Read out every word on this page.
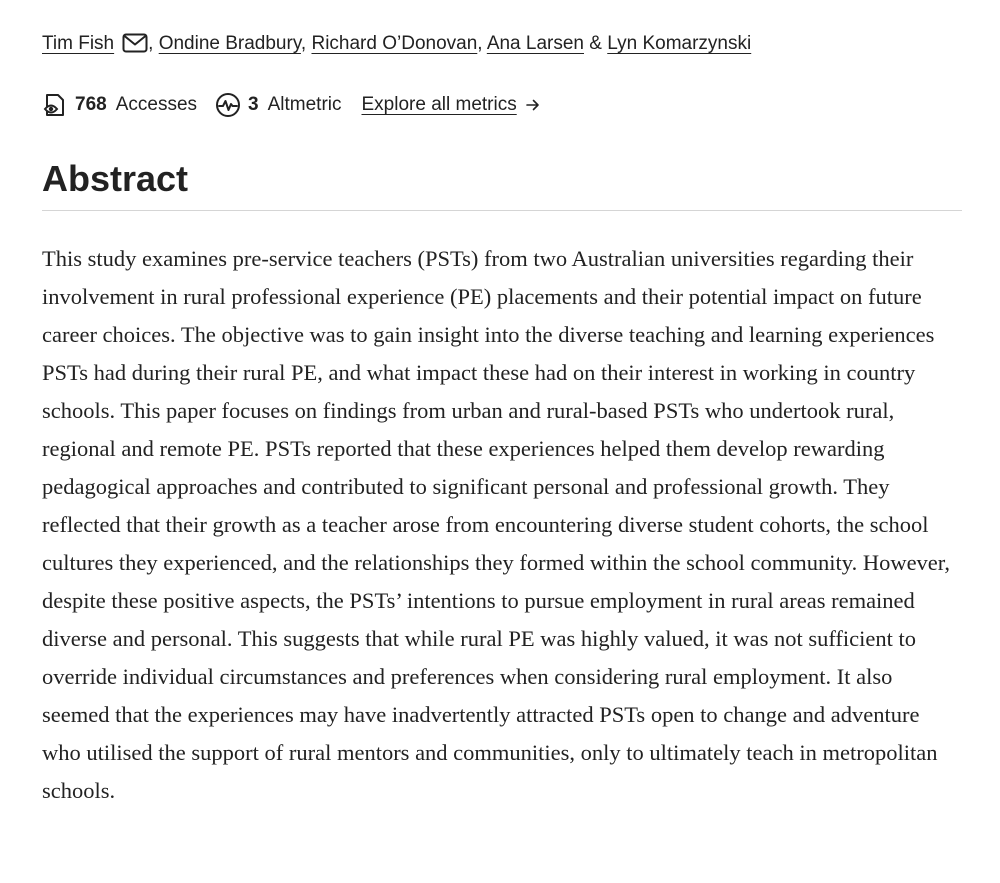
Tim Fish , Ondine Bradbury, Richard O’Donovan, Ana Larsen & Lyn Komarzynski
768 Accesses	3 Altmetric Explore all metrics
Abstract

This study examines pre-service teachers (PSTs) from two Australian universities regarding their involvement in rural professional experience (PE) placements and their potential impact on future career choices. The objective was to gain insight into the diverse teaching and learning experiences PSTs had during their rural PE, and what impact these had on their interest in working in country schools. This paper focuses on findings from urban and rural-based PSTs who undertook rural, regional and remote PE. PSTs reported that these experiences helped them develop rewarding pedagogical approaches and contributed to significant personal and professional growth. They reflected that their growth as a teacher arose from encountering diverse student cohorts, the school cultures they experienced, and the relationships they formed within the school community. However, despite these positive aspects, the PSTs’ intentions to pursue employment in rural areas remained diverse and personal. This suggests that while rural PE was highly valued, it was not sufficient to override individual circumstances and preferences when considering rural employment. It also seemed that the experiences may have inadvertently attracted PSTs open to change and adventure who utilised the support of rural mentors and communities, only to ultimately teach in metropolitan schools.
